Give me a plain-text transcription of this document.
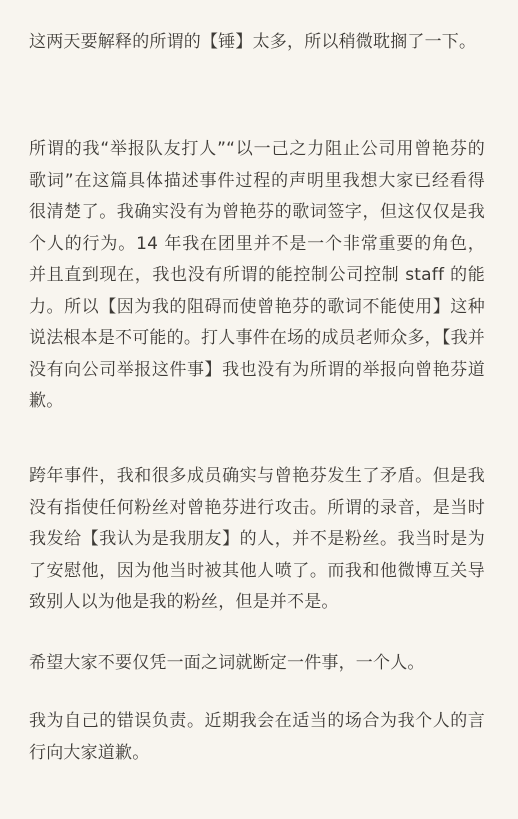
这两天要解释的所谓的【锤】太多，所以稍微耽搁了一下。

所谓的我“举报队友打人”“以一己之力阻止公司用曾艳芬的歌词”在这篇具体描述事件过程的声明里我想大家已经看得很清楚了。我确实没有为曾艳芬的歌词签字，但这仅仅是我个人的行为。14 年我在团里并不是一个非常重要的角色，并且直到现在，我也没有所谓的能控制公司控制 staff 的能力。所以【因为我的阻碍而使曾艳芬的歌词不能使用】这种说法根本是不可能的。打人事件在场的成员老师众多，【我并没有向公司举报这件事】我也没有为所谓的举报向曾艳芬道歉。

跨年事件，我和很多成员确实与曾艳芬发生了矛盾。但是我没有指使任何粉丝对曾艳芬进行攻击。所谓的录音，是当时我发给【我认为是我朋友】的人，并不是粉丝。我当时是为了安慰他，因为他当时被其他人喷了。而我和他微博互关导致别人以为他是我的粉丝，但是并不是。

希望大家不要仅凭一面之词就断定一件事，一个人。

我为自己的错误负责。近期我会在适当的场合为我个人的言行向大家道歉。
